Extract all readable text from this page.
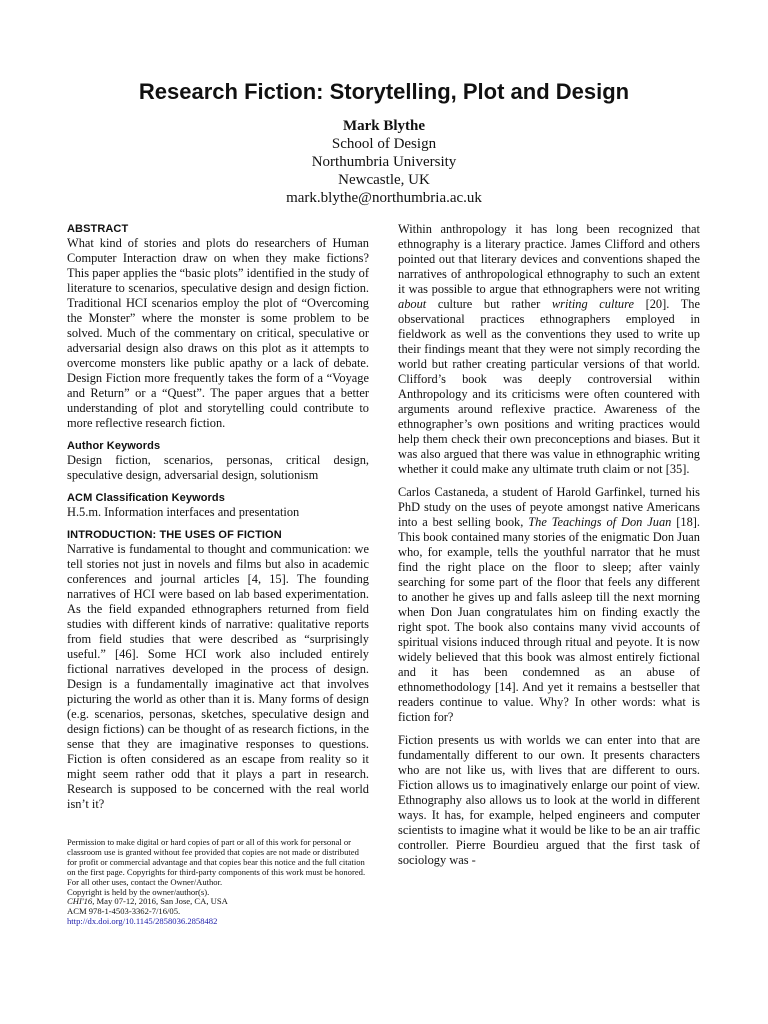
Research Fiction: Storytelling, Plot and Design
Mark Blythe
School of Design
Northumbria University
Newcastle, UK
mark.blythe@northumbria.ac.uk
ABSTRACT

What kind of stories and plots do researchers of Human Computer Interaction draw on when they make fictions? This paper applies the “basic plots” identified in the study of literature to scenarios, speculative design and design fiction. Traditional HCI scenarios employ the plot of “Overcoming the Monster” where the monster is some problem to be solved. Much of the commentary on critical, speculative or adversarial design also draws on this plot as it attempts to overcome monsters like public apathy or a lack of debate. Design Fiction more frequently takes the form of a “Voyage and Return” or a “Quest”. The paper argues that a better understanding of plot and storytelling could contribute to more reflective research fiction.

Author Keywords

Design fiction, scenarios, personas, critical design, speculative design, adversarial design, solutionism

ACM Classification Keywords

H.5.m. Information interfaces and presentation

INTRODUCTION: THE USES OF FICTION

Narrative is fundamental to thought and communication: we tell stories not just in novels and films but also in academic conferences and journal articles [4, 15]. The founding narratives of HCI were based on lab based experimentation. As the field expanded ethnographers returned from field studies with different kinds of narrative: qualitative reports from field studies that were described as “surprisingly useful.” [46]. Some HCI work also included entirely fictional narratives developed in the process of design. Design is a fundamentally imaginative act that involves picturing the world as other than it is. Many forms of design (e.g. scenarios, personas, sketches, speculative design and design fictions) can be thought of as research fictions, in the sense that they are imaginative responses to questions. Fiction is often considered as an escape from reality so it might seem rather odd that it plays a part in research. Research is supposed to be concerned with the real world isn’t it?

Permission to make digital or hard copies of part or all of this work for personal or classroom use is granted without fee provided that copies are not made or distributed for profit or commercial advantage and that copies bear this notice and the full citation on the first page. Copyrights for third-party components of this work must be honored. For all other uses, contact the Owner/Author.
Copyright is held by the owner/author(s).
CHI'16, May 07-12, 2016, San Jose, CA, USA
ACM 978-1-4503-3362-7/16/05.
http://dx.doi.org/10.1145/2858036.2858482

Within anthropology it has long been recognized that ethnography is a literary practice. James Clifford and others pointed out that literary devices and conventions shaped the narratives of anthropological ethnography to such an extent it was possible to argue that ethnographers were not writing about culture but rather writing culture [20]. The observational practices ethnographers employed in fieldwork as well as the conventions they used to write up their findings meant that they were not simply recording the world but rather creating particular versions of that world. Clifford’s book was deeply controversial within Anthropology and its criticisms were often countered with arguments around reflexive practice. Awareness of the ethnographer’s own positions and writing practices would help them check their own preconceptions and biases. But it was also argued that there was value in ethnographic writing whether it could make any ultimate truth claim or not [35].

Carlos Castaneda, a student of Harold Garfinkel, turned his PhD study on the uses of peyote amongst native Americans into a best selling book, The Teachings of Don Juan [18]. This book contained many stories of the enigmatic Don Juan who, for example, tells the youthful narrator that he must find the right place on the floor to sleep; after vainly searching for some part of the floor that feels any different to another he gives up and falls asleep till the next morning when Don Juan congratulates him on finding exactly the right spot. The book also contains many vivid accounts of spiritual visions induced through ritual and peyote. It is now widely believed that this book was almost entirely fictional and it has been condemned as an abuse of ethnomethodology [14]. And yet it remains a bestseller that readers continue to value. Why? In other words: what is fiction for?

Fiction presents us with worlds we can enter into that are fundamentally different to our own. It presents characters who are not like us, with lives that are different to ours. Fiction allows us to imaginatively enlarge our point of view. Ethnography also allows us to look at the world in different ways. It has, for example, helped engineers and computer scientists to imagine what it would be like to be an air traffic controller. Pierre Bourdieu argued that the first task of sociology was -
